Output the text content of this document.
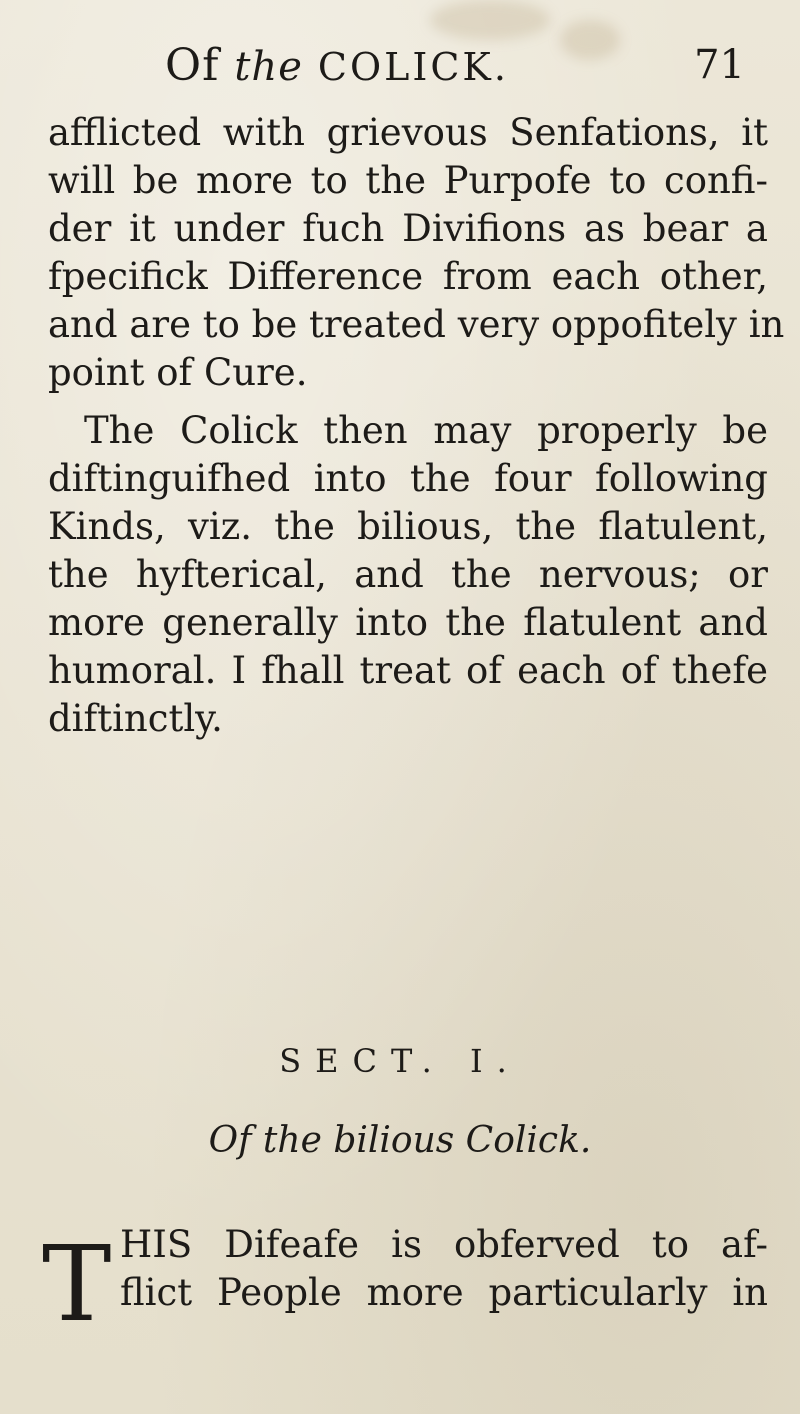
Of the COLICK.	71
afflicted with grievous Senfations, it
will be more to the Purpofe to confi-
der it under fuch Divifions as bear a
fpecifick Difference from each other,
and are to be treated very oppofitely in
point of Cure.
The Colick then may properly be
diftinguifhed into the four following
Kinds, viz. the bilious, the flatulent,
the hyfterical, and the nervous; or
more generally into the flatulent and
humoral. I fhall treat of each of thefe
diftinctly.
SECT. I.
Of the bilious Colick.
T HIS Difeafe is obferved to af-
flict People more particularly in
